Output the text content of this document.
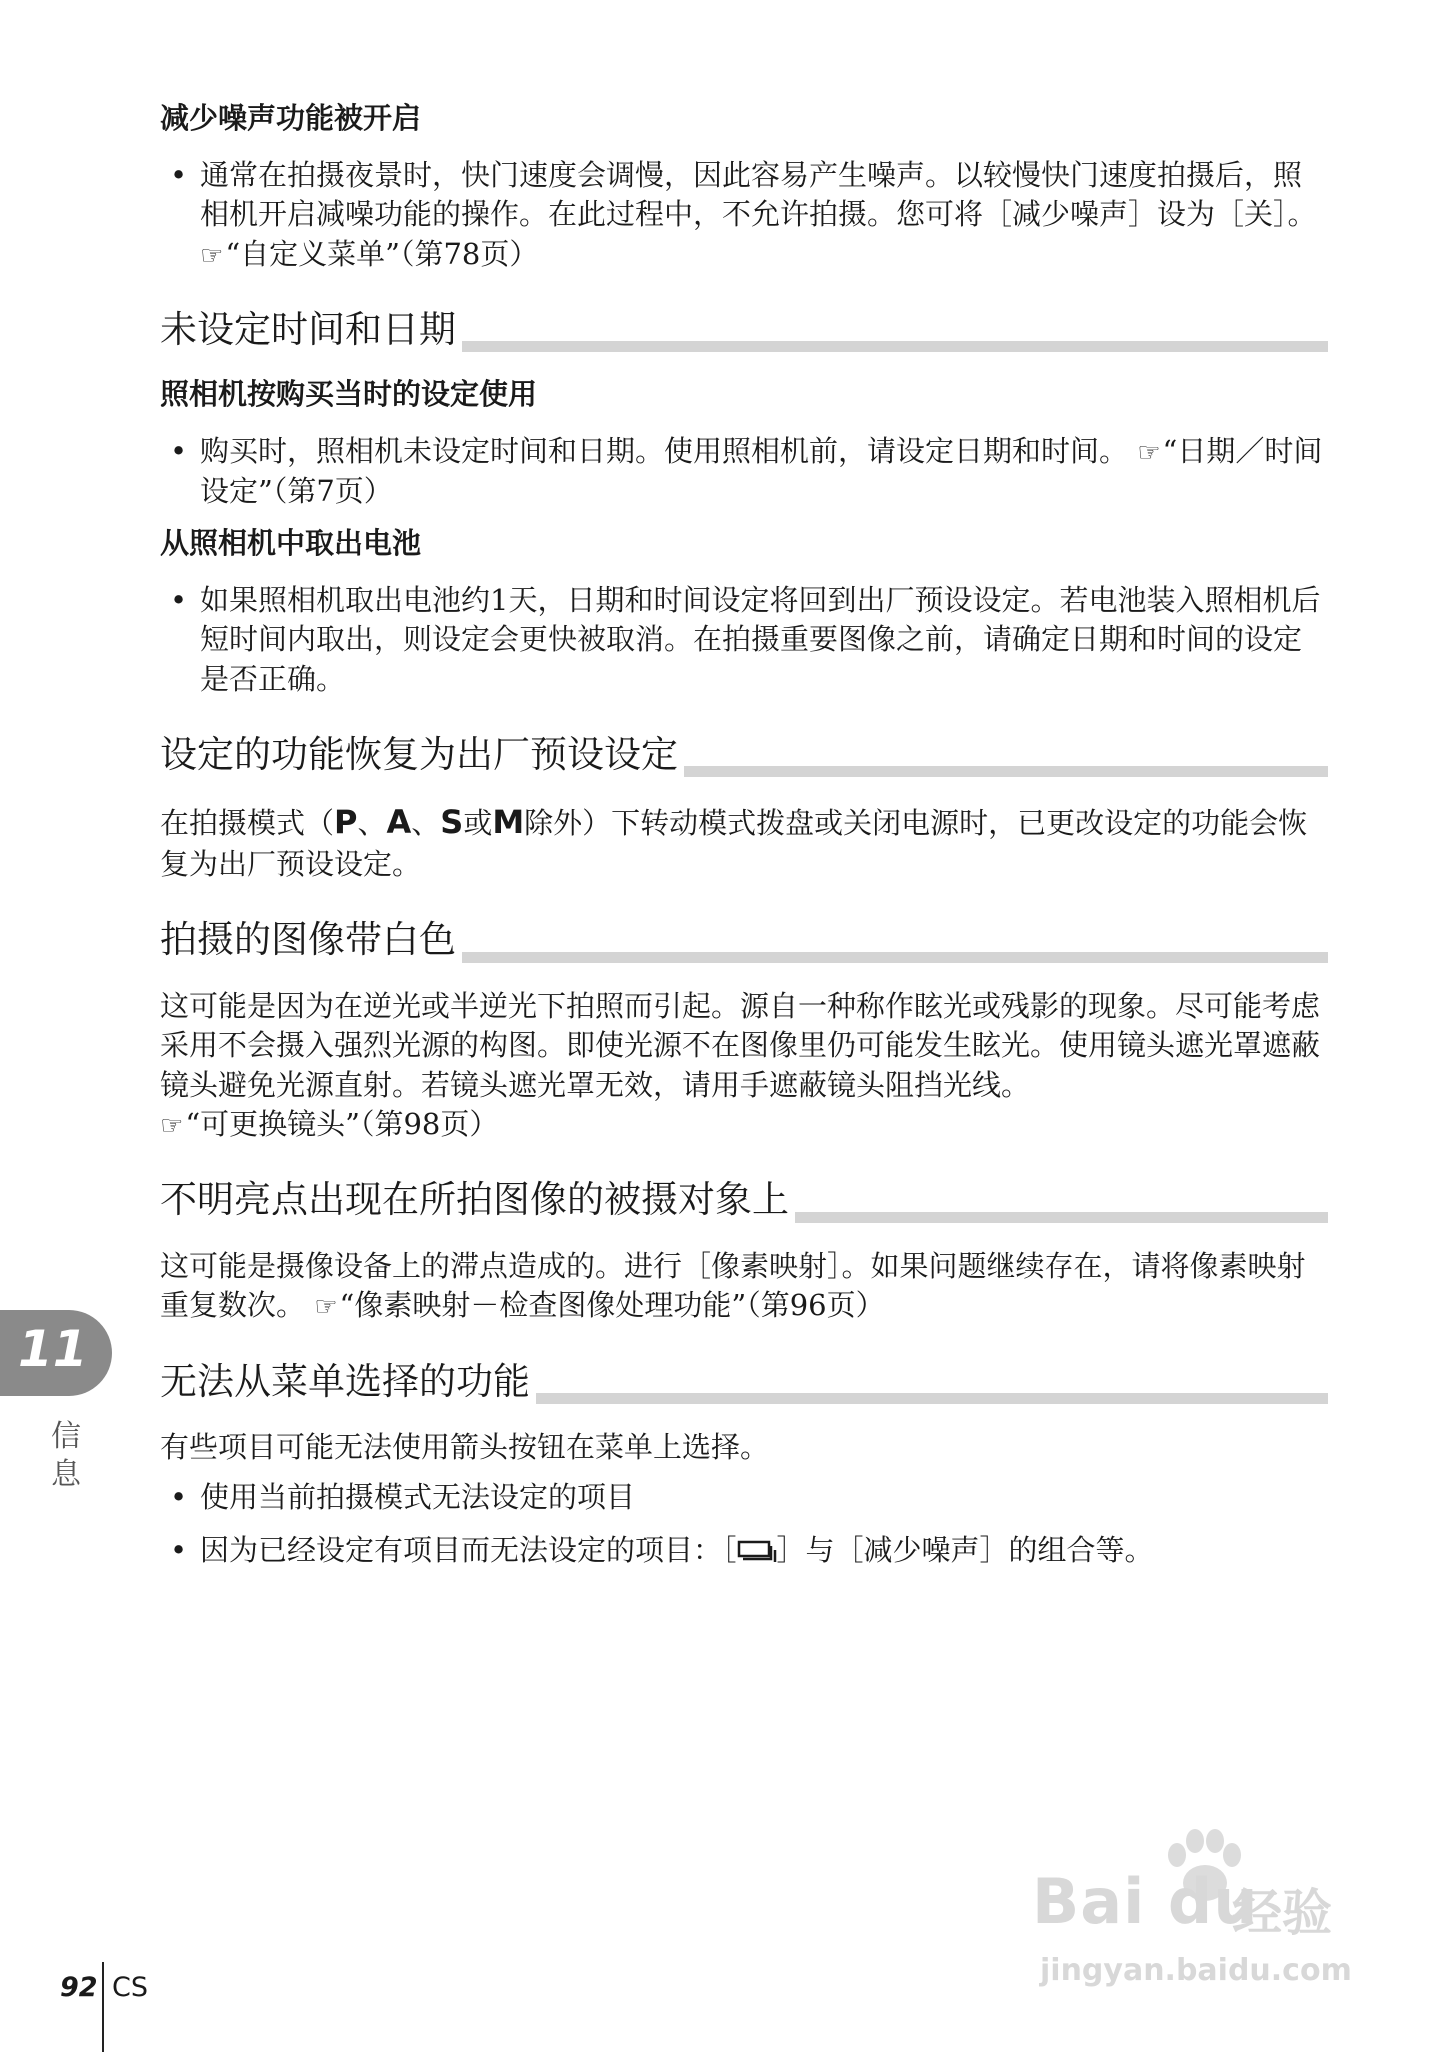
减少噪声功能被开启
• 通常在拍摄夜景时，快门速度会调慢，因此容易产生噪声。以较慢快门速度拍摄后，照相机开启减噪功能的操作。在此过程中，不允许拍摄。您可将［减少噪声］设为［关］。
☞ “自定义菜单”（第78页）
未设定时间和日期
照相机按购买当时的设定使用
• 购买时，照相机未设定时间和日期。使用照相机前，请设定日期和时间。 ☞ “日期／时间设定”（第7页）
从照相机中取出电池
• 如果照相机取出电池约1天，日期和时间设定将回到出厂预设设定。若电池装入照相机后短时间内取出，则设定会更快被取消。在拍摄重要图像之前，请确定日期和时间的设定是否正确。
设定的功能恢复为出厂预设设定
在拍摄模式（P、A、S或M除外）下转动模式拨盘或关闭电源时，已更改设定的功能会恢复为出厂预设设定。
拍摄的图像带白色
这可能是因为在逆光或半逆光下拍照而引起。源自一种称作眩光或残影的现象。尽可能考虑采用不会摄入强烈光源的构图。即使光源不在图像里仍可能发生眩光。使用镜头遮光罩遮蔽镜头避免光源直射。若镜头遮光罩无效，请用手遮蔽镜头阻挡光线。
☞ “可更换镜头”（第98页）
不明亮点出现在所拍图像的被摄对象上
这可能是摄像设备上的滞点造成的。进行［像素映射］。如果问题继续存在，请将像素映射重复数次。 ☞ “像素映射－检查图像处理功能”（第96页）
无法从菜单选择的功能
有些项目可能无法使用箭头按钮在菜单上选择。
• 使用当前拍摄模式无法设定的项目
• 因为已经设定有项目而无法设定的项目：［ ］与［减少噪声］的组合等。
11
信
息
92 CS
Bai du
经验
jingyan.baidu.com
